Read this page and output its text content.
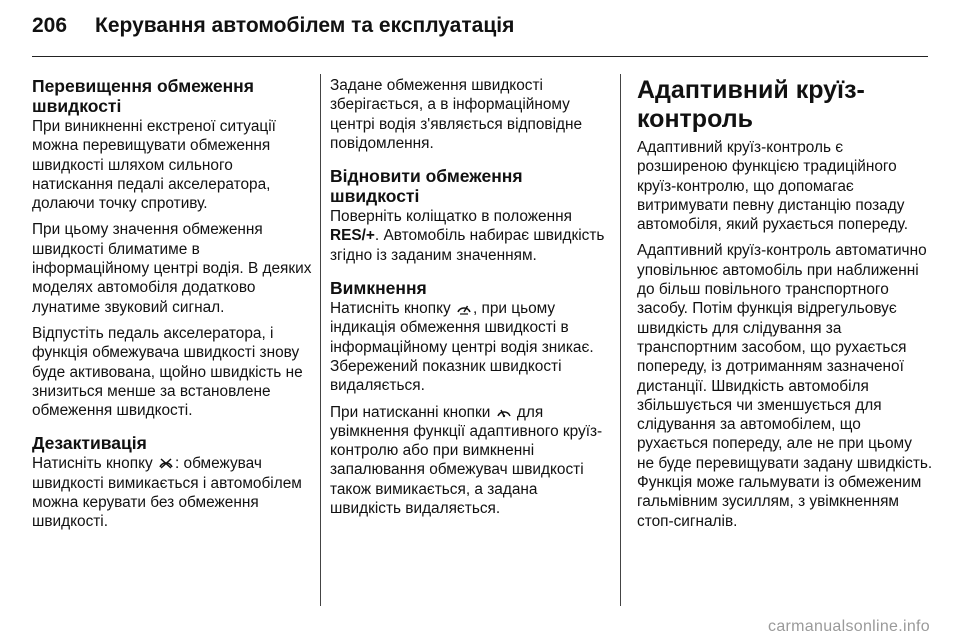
206 Керування автомобілем та експлуатація
Перевищення обмеження швидкості

При виникненні екстреної ситуації можна перевищувати обмеження швидкості шляхом сильного натискання педалі акселератора, долаючи точку спротиву.

При цьому значення обмеження швидкості блиматиме в інформаційному центрі водія. В деяких моделях автомобіля додатково лунатиме звуковий сигнал.

Відпустіть педаль акселератора, і функція обмежувача швидкості знову буде активована, щойно швидкість не знизиться менше за встановлене обмеження швидкості.

Дезактивація

Натисніть кнопку : обмежувач швидкості вимикається і автомобілем можна керувати без обмеження швидкості.

Задане обмеження швидкості зберігається, а в інформаційному центрі водія з'являється відповідне повідомлення.

Відновити обмеження швидкості

Поверніть коліщатко в положення RES/+. Автомобіль набирає швидкість згідно із заданим значенням.

Вимкнення

Натисніть кнопку , при цьому індикація обмеження швидкості в інформаційному центрі водія зникає. Збережений показник швидкості видаляється.

При натисканні кнопки для увімкнення функції адаптивного круїз-контролю або при вимкненні запалювання обмежувач швидкості також вимикається, а задана швидкість видаляється.

Адаптивний круїз-контроль

Адаптивний круїз-контроль є розширеною функцією традиційного круїз-контролю, що допомагає витримувати певну дистанцію позаду автомобіля, який рухається попереду.

Адаптивний круїз-контроль автоматично уповільнює автомобіль при наближенні до більш повільного транспортного засобу. Потім функція відрегульовує швидкість для слідування за транспортним засобом, що рухається попереду, із дотриманням зазначеної дистанції. Швидкість автомобіля збільшується чи зменшується для слідування за автомобілем, що рухається попереду, але не при цьому не буде перевищувати задану швидкість. Функція може гальмувати із обмеженим гальмівним зусиллям, з увімкненням стоп-сигналів.

carmanualsonline.info
